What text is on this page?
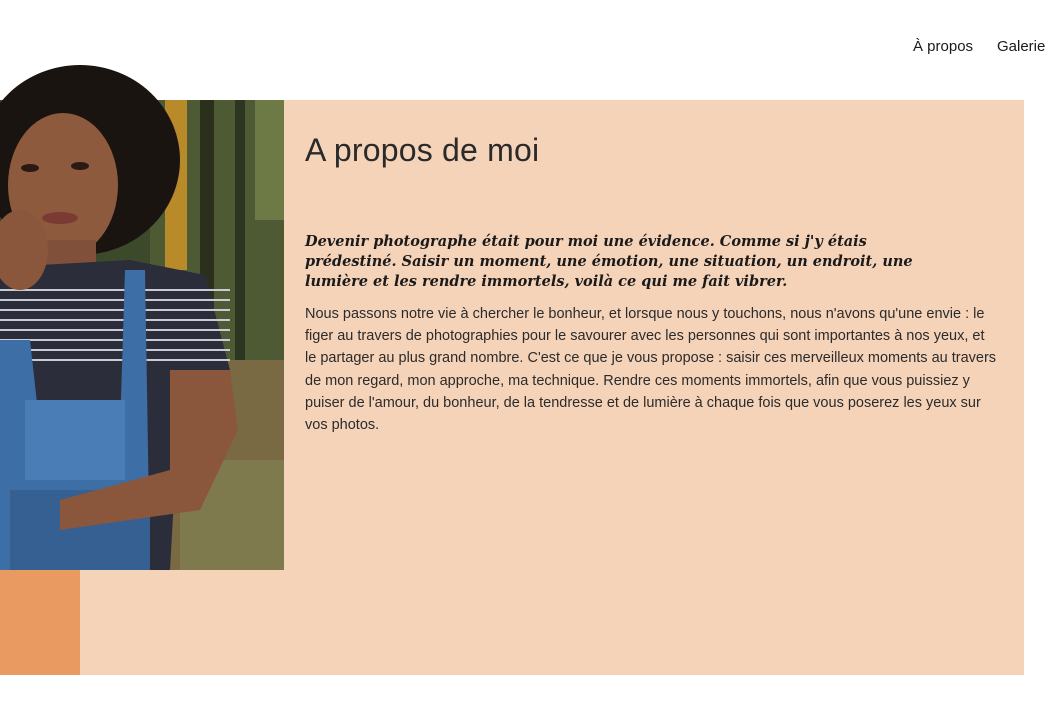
À propos Galerie
A propos de moi

Devenir photographe était pour moi une évidence. Comme si j'y étais
prédestiné. Saisir un moment, une émotion, une situation, un endroit, une
lumière et les rendre immortels, voilà ce qui me fait vibrer.

Nous passons notre vie à chercher le bonheur, et lorsque nous y touchons, nous n'avons qu'une envie : le
figer au travers de photographies pour le savourer avec les personnes qui sont importantes à nos yeux, et
le partager au plus grand nombre. C'est ce que je vous propose : saisir ces merveilleux moments au travers
de mon regard, mon approche, ma technique. Rendre ces moments immortels, afin que vous puissiez y
puiser de l'amour, du bonheur, de la tendresse et de lumière à chaque fois que vous poserez les yeux sur
vos photos.
